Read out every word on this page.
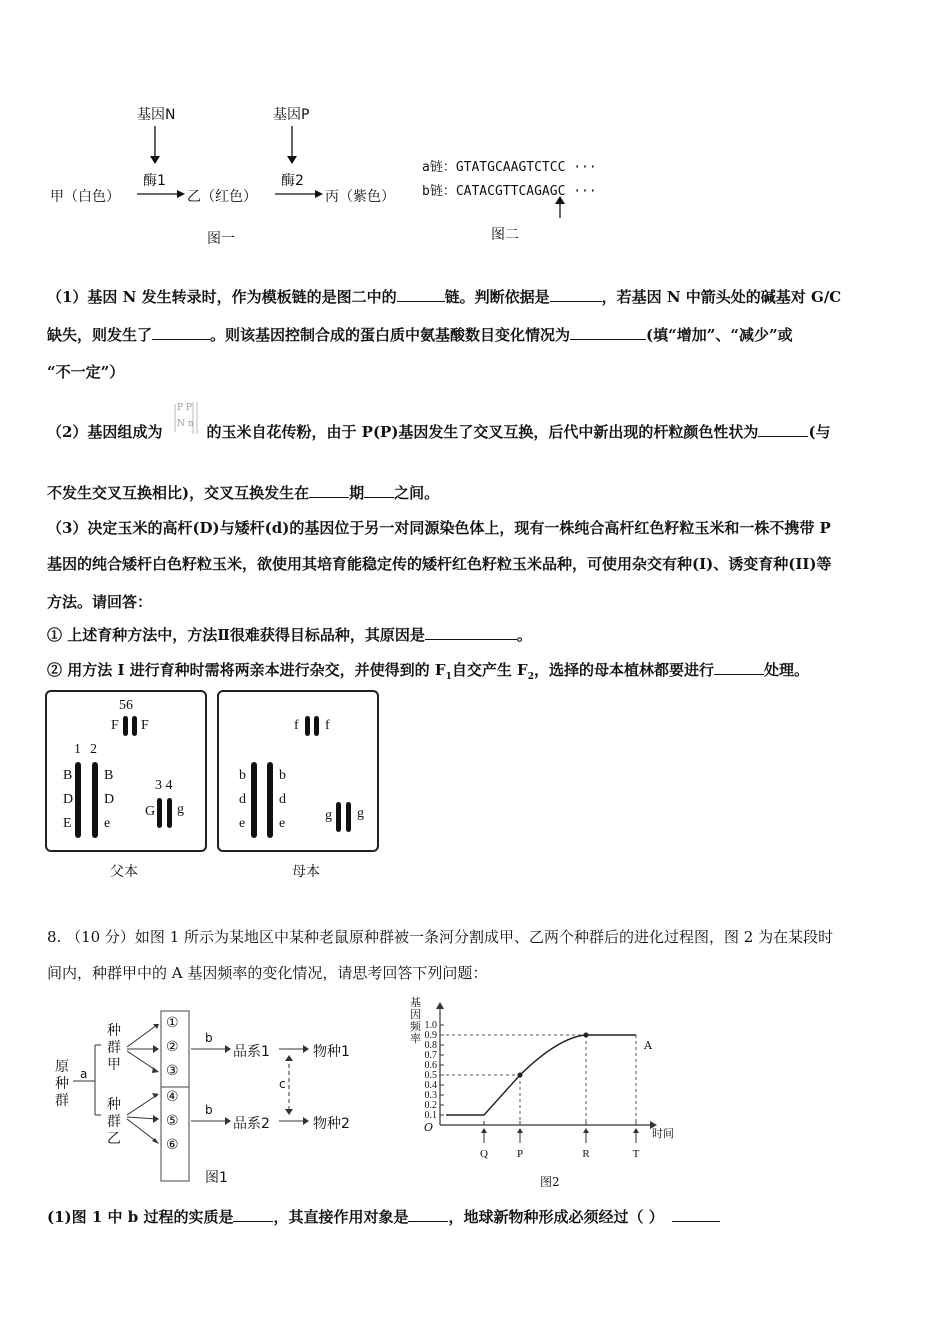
基因N	基因P
酶1	酶2
甲（白色）	乙（红色）	丙（紫色）
图一
a链：GTATGCAAGTCTCC ···
b链：CATACGTTCAGAGC ···
图二
（1）基因 N 发生转录时，作为模板链的是图二中的	链。判断依据是	，若基因 N 中箭头处的碱基对 G/C
缺失，则发生了	。则该基因控制合成的蛋白质中氨基酸数目变化情况为	(填“增加”、“减少”或
“不一定”）
（2）基因组成为
P P
N n 的玉米自花传粉，由于 P(P)基因发生了交叉互换，后代中新出现的杆粒颜色性状为	(与
不发生交叉互换相比)，交叉互换发生在	期 之间。
（3）决定玉米的高杆(D)与矮杆(d)的基因位于另一对同源染色体上，现有一株纯合高杆红色籽粒玉米和一株不携带 P
基因的纯合矮杆白色籽粒玉米，欲使用其培育能稳定传的矮杆红色籽粒玉米品种，可使用杂交有种(I)、诱变育种(II)等
方法。请回答：
① 上述育种方法中，方法Ⅱ很难获得目标品种，其原因是	。
② 用方法 I 进行育种时需将两亲本进行杂交，并使得到的 $F_1$自交产生 $F_2$，选择的母本植林都要进行	处理。
56
F F
1 2
B
D
E
B
D
e
3 4
G g
父本
f f
b
d
e
b
d
e
g g
母本
8. （10 分）如图 1 所示为某地区中某种老鼠原种群被一条河分割成甲、乙两个种群后的进化过程图，图 2 为在某段时
间内，种群甲中的 A 基因频率的变化情况，请思考回答下列问题：
原
种
群
a
种
群
甲
种
群
乙
①
②
③
④
⑤
⑥
b
b
品系1
品系2
物种1
物种2
c
图1
基因频率
0.1
0.2
0.3
0.4
0.5
0.6
0.7
0.8
0.9
1.0
Q	P	R	T
时间
O
A
图2
(1)图 1 中 b 过程的实质是	，其直接作用对象是	，地球新物种形成必须经过（ ）
